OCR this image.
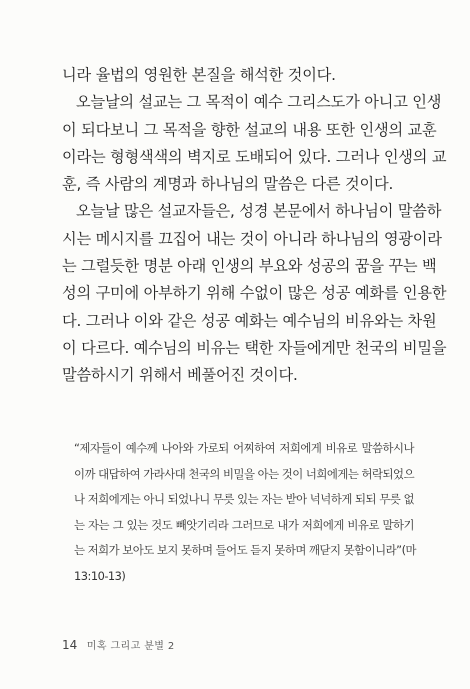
니라 율법의 영원한 본질을 해석한 것이다.
오늘날의 설교는 그 목적이 예수 그리스도가 아니고 인생
이 되다보니 그 목적을 향한 설교의 내용 또한 인생의 교훈
이라는 형형색색의 벽지로 도배되어 있다. 그러나 인생의 교
훈, 즉 사람의 계명과 하나님의 말씀은 다른 것이다.
오늘날 많은 설교자들은, 성경 본문에서 하나님이 말씀하
시는 메시지를 끄집어 내는 것이 아니라 하나님의 영광이라
는 그럴듯한 명분 아래 인생의 부요와 성공의 꿈을 꾸는 백
성의 구미에 아부하기 위해 수없이 많은 성공 예화를 인용한
다. 그러나 이와 같은 성공 예화는 예수님의 비유와는 차원
이 다르다. 예수님의 비유는 택한 자들에게만 천국의 비밀을
말씀하시기 위해서 베풀어진 것이다.
“제자들이 예수께 나아와 가로되 어찌하여 저희에게 비유로 말씀하시나
이까 대답하여 가라사대 천국의 비밀을 아는 것이 너희에게는 허락되었으
나 저희에게는 아니 되었나니 무릇 있는 자는 받아 넉넉하게 되되 무릇 없
는 자는 그 있는 것도 빼앗기리라 그러므로 내가 저희에게 비유로 말하기
는 저희가 보아도 보지 못하며 들어도 듣지 못하며 깨닫지 못함이니라”(마
13:10-13)
14 미혹 그리고 분별 2
